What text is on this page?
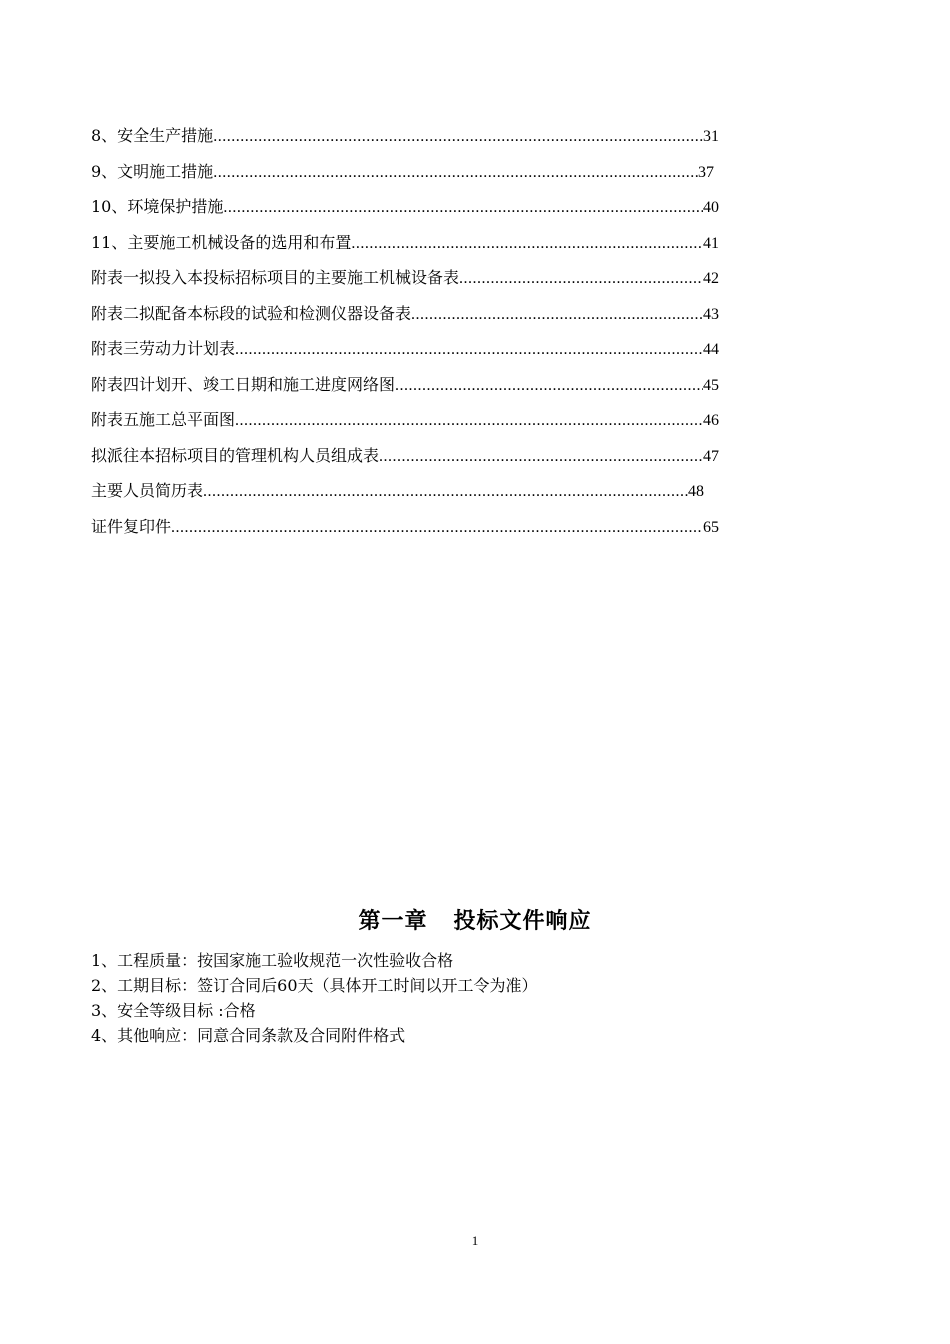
8、安全生产措施 .....	31
9、文明施工措施 .....	37
10、环境保护措施 .....	40
11、主要施工机械设备的选用和布置 .....	41
附表一拟投入本投标招标项目的主要施工机械设备表 .....	42
附表二拟配备本标段的试验和检测仪器设备表 .....	43
附表三劳动力计划表 .....	44
附表四计划开、竣工日期和施工进度网络图 .....	45
附表五施工总平面图 .....	46
拟派往本招标项目的管理机构人员组成表 .....	47
主要人员简历表 .....	48
证件复印件 .....	65
第一章 投标文件响应
1、工程质量：按国家施工验收规范一次性验收合格
2、工期目标：签订合同后60天（具体开工时间以开工令为准）
3、安全等级目标 :合格
4、其他响应：同意合同条款及合同附件格式
1
